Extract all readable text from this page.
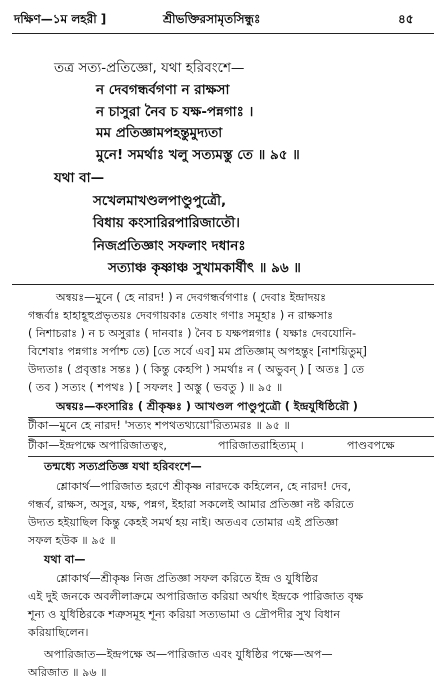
দক্ষিণ—১ম লহরী ]	শ্রীভক্তিরসামৃতসিন্ধুঃ	৪৫
তত্র সত্য-প্রতিজ্ঞো, যথা হরিবংশে—
ন দেবগন্ধর্বগণা ন রাক্ষসা
ন চাসুরা নৈব চ যক্ষ-পন্নগাঃ ।
মম প্রতিজ্ঞামপহন্তুমুদ্যতা
মুনে! সমর্থাঃ খলু সত্যমস্তু তে ॥ ৯৫ ॥
যথা বা—
সখেলমাখণ্ডলপাণ্ডুপুত্রৌ,
বিধায় কংসারিরপারিজাতৌ।
নিজপ্রতিজ্ঞাং সফলাং দধানঃ
সত্যাঞ্চ কৃষ্ণাঞ্চ সুখামকার্ষীৎ ॥ ৯৬ ॥
অন্বয়ঃ—মুনে ( হে নারদ! ) ন দেবগন্ধর্বগণাঃ ( দেবাঃ ইন্দ্রাদয়ঃ
গন্ধর্বাঃ হাহাহূহুপ্রভৃতয়ঃ দেবগায়কাঃ তেষাং গণাঃ সমূহাঃ ) ন রাক্ষসাঃ
( নিশাচরাঃ ) ন চ অসুরাঃ ( দানবাঃ ) নৈব চ যক্ষপন্নগাঃ ( যক্ষাঃ দেবযোনি-
বিশেষাঃ পন্নগাঃ সর্পাশ্চ তে) [তে সর্বে এব] মম প্রতিজ্ঞাম্ অপহন্তুং [নাশয়িতুম্]
উদ্যতাঃ ( প্রবৃত্তাঃ সন্তঃ ) ( কিন্তু কেহপি ) সমর্থাঃ ন ( অভুবন্ ) [ অতঃ ] তে
( তব ) সত্যং ( শপথঃ ) [ সফলং ] অস্তু ( ভবতু ) ॥ ৯৫ ॥
অন্বয়ঃ—কংসারিঃ ( শ্রীকৃষ্ণঃ ) আখণ্ডল পাণ্ডুপুত্রৌ ( ইন্দ্রযুধিষ্ঠিরৌ )
টীকা—মুনে হে নারদ! 'সত্যং শপথতথ্যয়ো'রিত্যমরঃ ॥ ৯৫ ॥
টীকা—ইন্দ্রপক্ষে অপারিজাতত্বং,	পারিজাতরাহিত্যম্ ।	পাণ্ডবপক্ষে
তন্মধ্যে সত্যপ্রতিজ্ঞ যথা হরিবংশে—
শ্লোকার্থ—পারিজাত হরণে শ্রীকৃষ্ণ নারদকে কহিলেন, হে নারদ! দেব,
গন্ধর্ব, রাক্ষস, অসুর, যক্ষ, পন্নগ, ইহারা সকলেই আমার প্রতিজ্ঞা নষ্ট করিতে
উদ্যত হইয়াছিল কিন্তু কেহই সমর্থ হয় নাই। অতএব তোমার এই প্রতিজ্ঞা
সফল হউক ॥ ৯৫ ॥
যথা বা—
শ্লোকার্থ—শ্রীকৃষ্ণ নিজ প্রতিজ্ঞা সফল করিতে ইন্দ্র ও যুধিষ্ঠির
এই দুই জনকে অবলীলাক্রমে অপারিজাত করিয়া অর্থাৎ ইন্দ্রকে পারিজাত বৃক্ষ
শূন্য ও যুধিষ্ঠিরকে শত্রুসমূহ শূন্য করিয়া সত্যভামা ও দ্রৌপদীর সুখ বিধান
করিয়াছিলেন।
অপারিজাত—ইন্দ্রপক্ষে অ—পারিজাত এবং যুধিষ্ঠির পক্ষে—অপ—
অরিজাত ॥ ৯৬ ॥
